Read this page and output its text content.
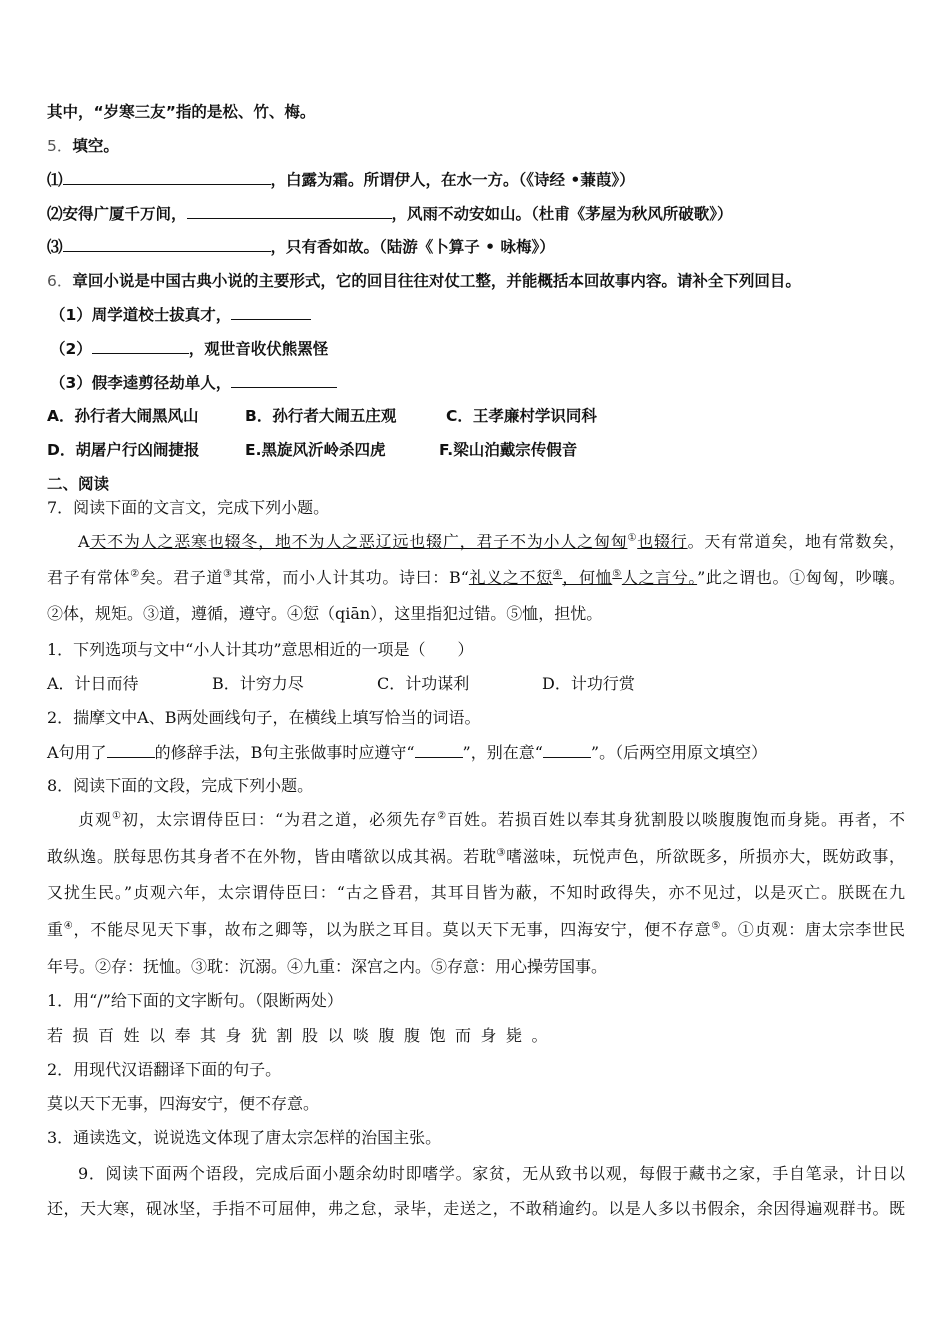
其中，“岁寒三友”指的是松、竹、梅。
5．填空。
⑴	，白露为霜。所谓伊人，在水一方。（《诗经 •蒹葭》）
⑵安得广厦千万间，	，风雨不动安如山。（杜甫《茅屋为秋风所破歌》）
⑶	，只有香如故。（陆游《卜算子 • 咏梅》）
6．章回小说是中国古典小说的主要形式，它的回目往往对仗工整，并能概括本回故事内容。请补全下列回目。
（1）周学道校士拔真才，
（2）	，观世音收伏熊罴怪
（3）假李逵剪径劫单人，
A．孙行者大闹黑风山	B．孙行者大闹五庄观	C．王孝廉村学识同科
D．胡屠户行凶闹捷报	E.黑旋风沂岭杀四虎	F.梁山泊戴宗传假音
二、阅读
7．阅读下面的文言文，完成下列小题。
A天不为人之恶寒也辍冬，地不为人之恶辽远也辍广，君子不为小人之匈匈①也辍行。天有常道矣，地有常数矣，
君子有常体②矣。君子道③其常，而小人计其功。诗曰：B“礼义之不愆④，何恤⑤人之言兮。”此之谓也。①匈匈，吵嚷。
②体，规矩。③道，遵循，遵守。④愆（qiān），这里指犯过错。⑤恤，担忧。
1．下列选项与文中“小人计其功”意思相近的一项是（　　）
A．计日而待	B．计穷力尽	C．计功谋利	D．计功行赏
2．揣摩文中A、B两处画线句子，在横线上填写恰当的词语。
A句用了	的修辞手法，B句主张做事时应遵守“	”，别在意“	”。（后两空用原文填空）
8．阅读下面的文段，完成下列小题。
贞观①初，太宗谓侍臣曰：“为君之道，必须先存②百姓。若损百姓以奉其身犹割股以啖腹腹饱而身毙。再者，不
敢纵逸。朕每思伤其身者不在外物，皆由嗜欲以成其祸。若耽③嗜滋味，玩悦声色，所欲既多，所损亦大，既妨政事，
又扰生民。”贞观六年，太宗谓侍臣曰：“古之昏君，其耳目皆为蔽，不知时政得失，亦不见过，以是灭亡。朕既在九
重④，不能尽见天下事，故布之卿等，以为朕之耳目。莫以天下无事，四海安宁，便不存意⑤。①贞观：唐太宗李世民
年号。②存：抚恤。③耽：沉溺。④九重：深宫之内。⑤存意：用心操劳国事。
1．用“/”给下面的文字断句。（限断两处）
若损百姓以奉其身犹割股以啖腹腹饱而身毙。
2．用现代汉语翻译下面的句子。
莫以天下无事，四海安宁，便不存意。
3．通读选文，说说选文体现了唐太宗怎样的治国主张。
9．阅读下面两个语段，完成后面小题余幼时即嗜学。家贫，无从致书以观，每假于藏书之家，手自笔录，计日以
还，天大寒，砚冰坚，手指不可屈伸，弗之怠，录毕，走送之，不敢稍逾约。以是人多以书假余，余因得遍观群书。既
